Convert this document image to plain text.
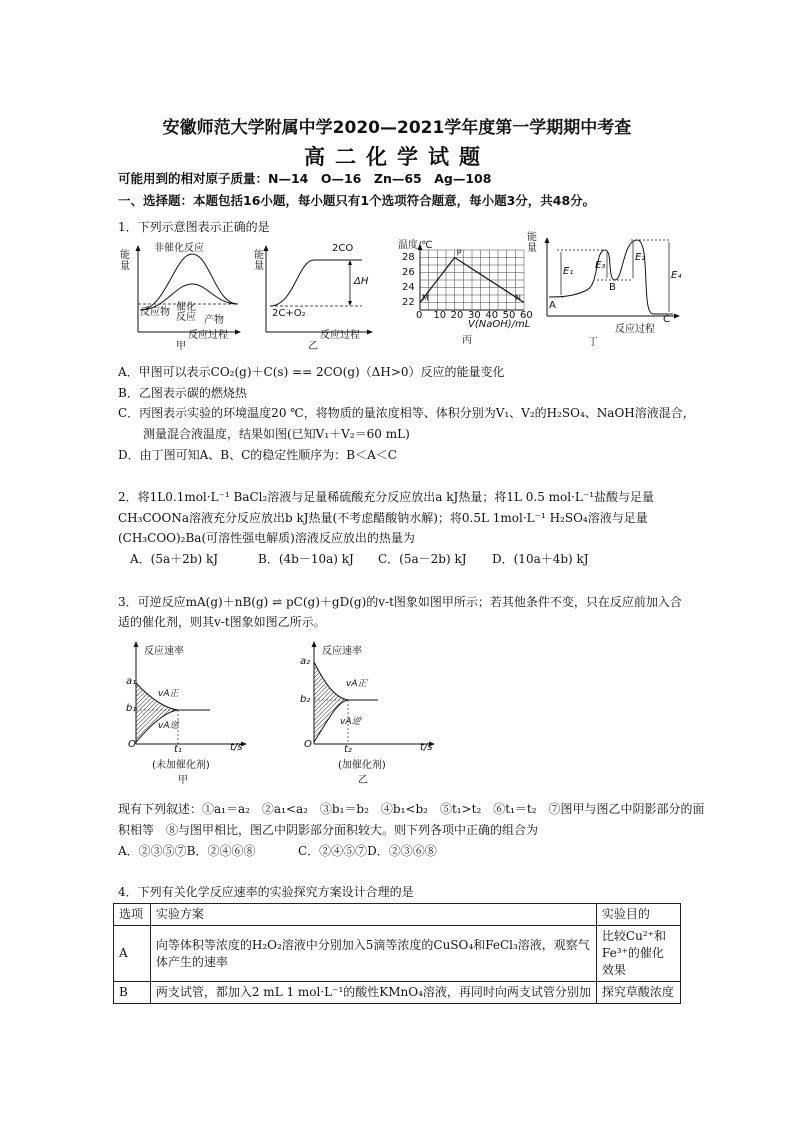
安徽师范大学附属中学2020—2021学年度第一学期期中考查
高二化学试题
可能用到的相对原子质量：N—14　O—16　Zn—65　Ag—108
一、选择题：本题包括16小题，每小题只有1个选项符合题意，每小题3分，共48分。
1．下列示意图表示正确的是
能
量
非催化反应
反应物 催化
反应 产物
反应过程
甲
能
量
2CO
ΔH
2C+O₂
反应过程
乙
M
P
N
温度/℃
28
26
24
22
0 10 20 30 40 50 60
V(NaOH)/mL
丙
能
量
A
B
C
E₁
E₂
E₃
E₄
反应过程
丁
A．甲图可以表示CO₂(g)＋C(s) == 2CO(g)（ΔH>0）反应的能量变化
B．乙图表示碳的燃烧热
C．丙图表示实验的环境温度20 ℃，将物质的量浓度相等、体积分别为V₁、V₂的H₂SO₄、NaOH溶液混合，
测量混合液温度，结果如图(已知V₁＋V₂＝60 mL)
D．由丁图可知A、B、C的稳定性顺序为：B＜A＜C
2．将1L0.1mol·L⁻¹ BaCl₂溶液与足量稀硫酸充分反应放出a kJ热量；将1L 0.5 mol·L⁻¹盐酸与足量
CH₃COONa溶液充分反应放出b kJ热量(不考虑醋酸钠水解)；将0.5L 1mol·L⁻¹ H₂SO₄溶液与足量
(CH₃COO)₂Ba(可溶性强电解质)溶液反应放出的热量为
A．(5a＋2b) kJ	B．(4b－10a) kJ C．(5a－2b) kJ D．(10a＋4b) kJ
3．可逆反应mA(g)＋nB(g) ⇌ pC(g)＋gD(g)的v-t图象如图甲所示；若其他条件不变，只在反应前加入合
适的催化剂，则其v-t图象如图乙所示。
反应速率
a₁
b₁
vA正
vA逆
O	t₁	t/s
(未加催化剂)
甲
反应速率
a₂
b₂
vA正′
vA逆′
O	t₂	t/s
(加催化剂)
乙
现有下列叙述：①a₁＝a₂　②a₁<a₂　③b₁＝b₂　④b₁<b₂　⑤t₁>t₂　⑥t₁＝t₂　⑦图甲与图乙中阴影部分的面
积相等　⑧与图甲相比，图乙中阴影部分面积较大。则下列各项中正确的组合为
A．②③⑤⑦B．②④⑥⑧	C．②④⑤⑦D．②③⑥⑧
4．下列有关化学反应速率的实验探究方案设计合理的是
选项	实验方案	实验目的
A	向等体积等浓度的H₂O₂溶液中分别加入5滴等浓度的CuSO₄和FeCl₃溶液，观察气体产生的速率	比较Cu²⁺和Fe³⁺的催化效果
B	两支试管，都加入2 mL 1 mol·L⁻¹的酸性KMnO₄溶液，再同时向两支试管分别加	探究草酸浓度
